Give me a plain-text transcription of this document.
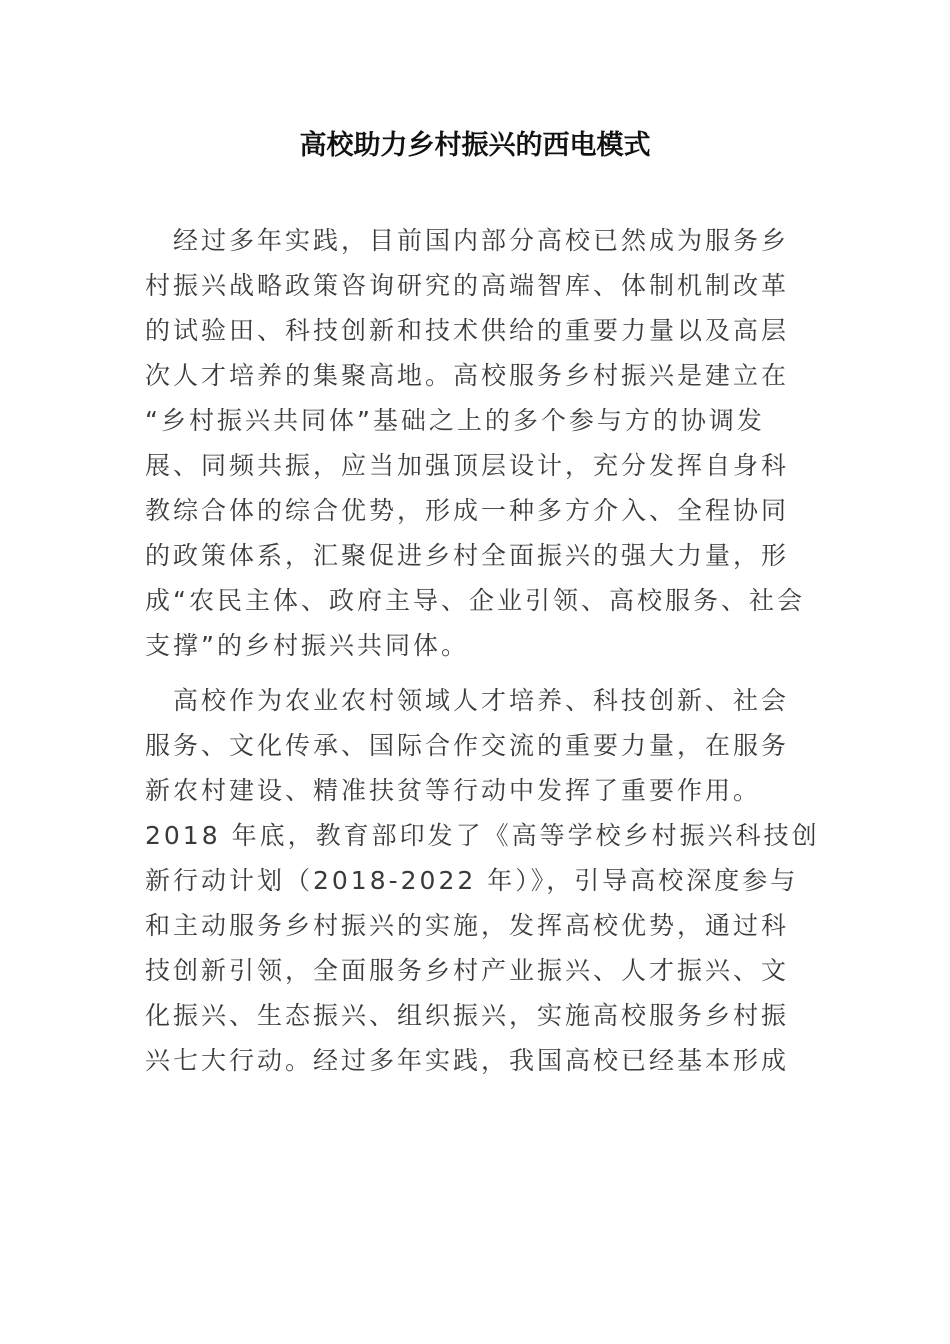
高校助力乡村振兴的西电模式
　经过多年实践，目前国内部分高校已然成为服务乡
村振兴战略政策咨询研究的高端智库、体制机制改革
的试验田、科技创新和技术供给的重要力量以及高层
次人才培养的集聚高地。高校服务乡村振兴是建立在
“乡村振兴共同体”基础之上的多个参与方的协调发
展、同频共振，应当加强顶层设计，充分发挥自身科
教综合体的综合优势，形成一种多方介入、全程协同
的政策体系，汇聚促进乡村全面振兴的强大力量，形
成“农民主体、政府主导、企业引领、高校服务、社会
支撑”的乡村振兴共同体。
　高校作为农业农村领域人才培养、科技创新、社会
服务、文化传承、国际合作交流的重要力量，在服务
新农村建设、精准扶贫等行动中发挥了重要作用。
2018 年底，教育部印发了《高等学校乡村振兴科技创
新行动计划（2018-2022 年）》，引导高校深度参与
和主动服务乡村振兴的实施，发挥高校优势，通过科
技创新引领，全面服务乡村产业振兴、人才振兴、文
化振兴、生态振兴、组织振兴，实施高校服务乡村振
兴七大行动。经过多年实践，我国高校已经基本形成
